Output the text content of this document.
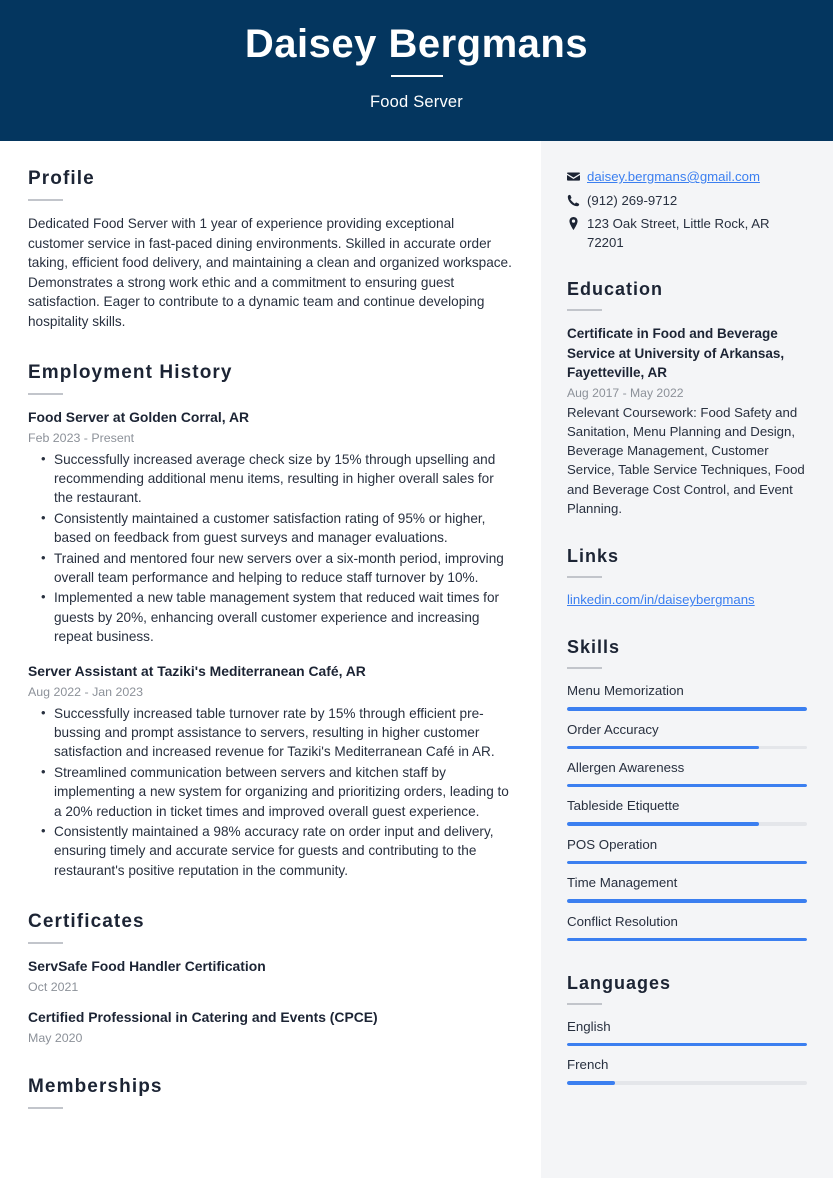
Daisey Bergmans
Food Server
Profile
Dedicated Food Server with 1 year of experience providing exceptional customer service in fast-paced dining environments. Skilled in accurate order taking, efficient food delivery, and maintaining a clean and organized workspace. Demonstrates a strong work ethic and a commitment to ensuring guest satisfaction. Eager to contribute to a dynamic team and continue developing hospitality skills.
Employment History
Food Server at Golden Corral, AR
Feb 2023 - Present
• Successfully increased average check size by 15% through upselling and recommending additional menu items, resulting in higher overall sales for the restaurant.
• Consistently maintained a customer satisfaction rating of 95% or higher, based on feedback from guest surveys and manager evaluations.
• Trained and mentored four new servers over a six-month period, improving overall team performance and helping to reduce staff turnover by 10%.
• Implemented a new table management system that reduced wait times for guests by 20%, enhancing overall customer experience and increasing repeat business.
Server Assistant at Taziki's Mediterranean Café, AR
Aug 2022 - Jan 2023
• Successfully increased table turnover rate by 15% through efficient pre-bussing and prompt assistance to servers, resulting in higher customer satisfaction and increased revenue for Taziki's Mediterranean Café in AR.
• Streamlined communication between servers and kitchen staff by implementing a new system for organizing and prioritizing orders, leading to a 20% reduction in ticket times and improved overall guest experience.
• Consistently maintained a 98% accuracy rate on order input and delivery, ensuring timely and accurate service for guests and contributing to the restaurant's positive reputation in the community.
Certificates
ServSafe Food Handler Certification
Oct 2021
Certified Professional in Catering and Events (CPCE)
May 2020
Memberships
daisey.bergmans@gmail.com
(912) 269-9712
123 Oak Street, Little Rock, AR 72201
Education
Certificate in Food and Beverage Service at University of Arkansas, Fayetteville, AR
Aug 2017 - May 2022
Relevant Coursework: Food Safety and Sanitation, Menu Planning and Design, Beverage Management, Customer Service, Table Service Techniques, Food and Beverage Cost Control, and Event Planning.
Links
linkedin.com/in/daiseybergmans
Skills
Menu Memorization
Order Accuracy
Allergen Awareness
Tableside Etiquette
POS Operation
Time Management
Conflict Resolution
Languages
English
French
